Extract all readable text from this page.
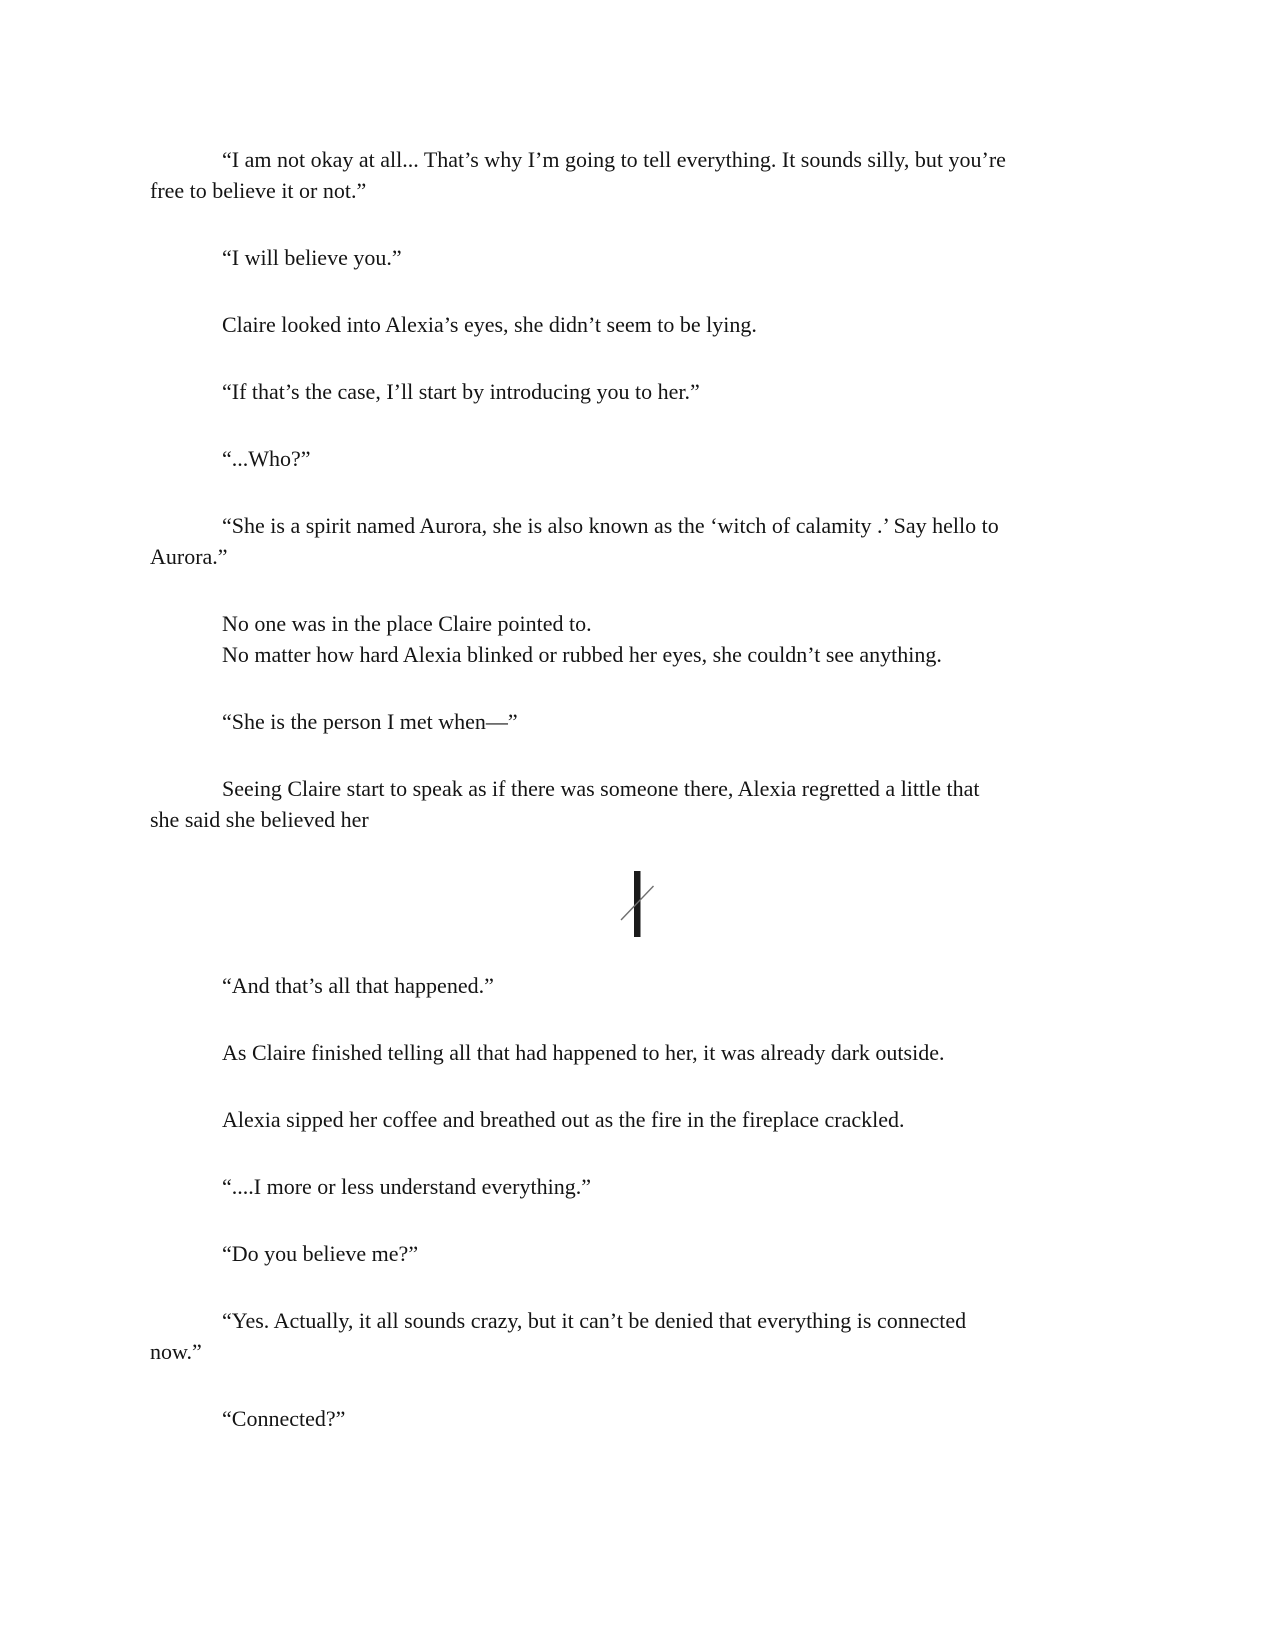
“I am not okay at all... That’s why I’m going to tell everything. It sounds silly, but you’re
free to believe it or not.”

“I will believe you.”

Claire looked into Alexia’s eyes, she didn’t seem to be lying.

“If that’s the case, I’ll start by introducing you to her.”

“...Who?”

“She is a spirit named Aurora, she is also known as the ‘witch of calamity .’ Say hello to
Aurora.”

No one was in the place Claire pointed to.
No matter how hard Alexia blinked or rubbed her eyes, she couldn’t see anything.

“She is the person I met when—”

Seeing Claire start to speak as if there was someone there, Alexia regretted a little that
she said she believed her

“And that’s all that happened.”

As Claire finished telling all that had happened to her, it was already dark outside.

Alexia sipped her coffee and breathed out as the fire in the fireplace crackled.

“....I more or less understand everything.”

“Do you believe me?”

“Yes. Actually, it all sounds crazy, but it can’t be denied that everything is connected
now.”

“Connected?”
